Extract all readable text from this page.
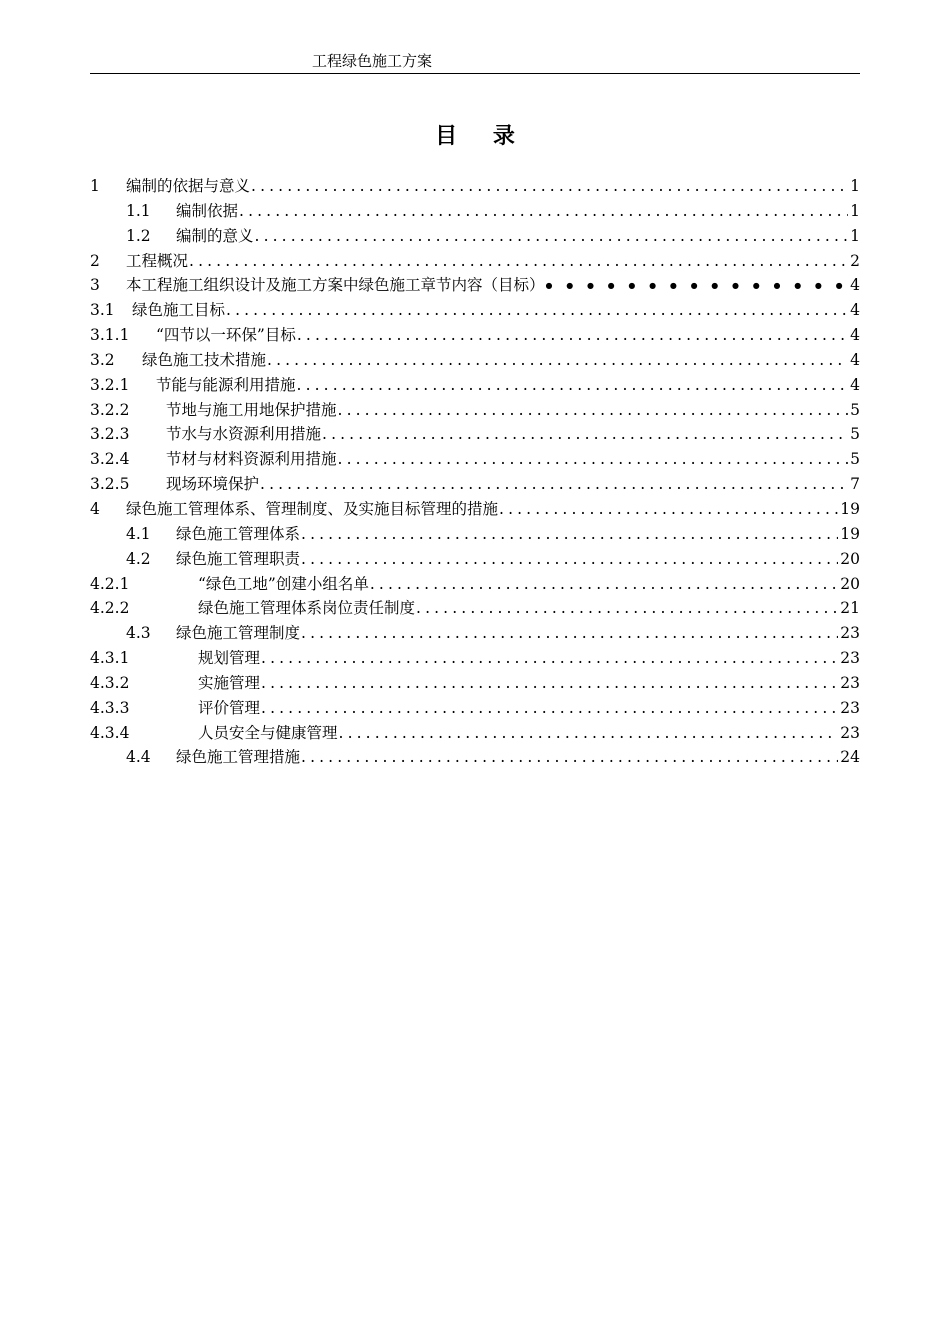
工程绿色施工方案
目 录
1 编制的依据与意义 . . .	1
1.1 编制依据 . . .	1
1.2 编制的意义 . . .	1
2 工程概况 . . .	2
3 本工程施工组织设计及施工方案中绿色施工章节内容（目标） ● ● ● ● ● ● ● ● ● ● ● ● ● ● ● ● ● ● ● ● ● ● ● ● ● ● ● ● ● ● ● ●	4
3.1 绿色施工目标 . . .	4
3.1.1 “四节以一环保”目标 . . .	4
3.2 绿色施工技术措施 . . .	4
3.2.1 节能与能源利用措施 . . .	4
3.2.2 节地与施工用地保护措施 . . .	5
3.2.3 节水与水资源利用措施 . . .	5
3.2.4 节材与材料资源利用措施 . . .	5
3.2.5 现场环境保护 . . .	7
4 绿色施工管理体系、管理制度、及实施目标管理的措施 . . .	19
4.1 绿色施工管理体系 . . .	19
4.2 绿色施工管理职责 . . .	20
4.2.1	“绿色工地”创建小组名单 . . .	20
4.2.2	绿色施工管理体系岗位责任制度 . . .	21
4.3 绿色施工管理制度 . . .	23
4.3.1	规划管理 . . .	23
4.3.2	实施管理 . . .	23
4.3.3	评价管理 . . .	23
4.3.4	人员安全与健康管理 . . .	23
4.4 绿色施工管理措施 . . .	24
